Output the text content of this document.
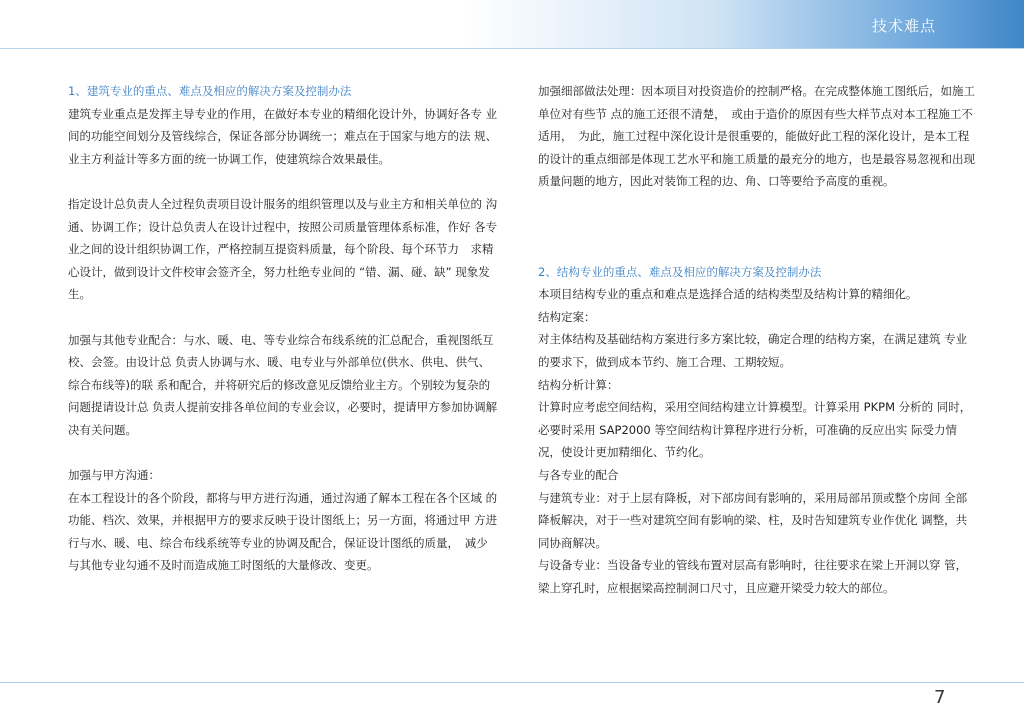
技术难点

1、建筑专业的重点、难点及相应的解决方案及控制办法

建筑专业重点是发挥主导专业的作用，在做好本专业的精细化设计外，协调好各专 业间的功能空间划分及管线综合，保证各部分协调统一；难点在于国家与地方的法 规、业主方利益计等多方面的统一协调工作，使建筑综合效果最佳。

指定设计总负责人全过程负责项目设计服务的组织管理以及与业主方和相关单位的 沟通、协调工作；设计总负责人在设计过程中，按照公司质量管理体系标准，作好 各专业之间的设计组织协调工作，严格控制互提资料质量，每个阶段、每个环节力　求精心设计，做到设计文件校审会签齐全，努力杜绝专业间的 “错、漏、碰、缺” 现象发生。

加强与其他专业配合：与水、暖、电、等专业综合布线系统的汇总配合，重视图纸互校、会签。由设计总 负责人协调与水、暖、电专业与外部单位(供水、供电、供气、综合布线等)的联 系和配合，并将研究后的修改意见反馈给业主方。个别较为复杂的问题提请设计总 负责人提前安排各单位间的专业会议，必要时，提请甲方参加协调解决有关问题。

加强与甲方沟通：

在本工程设计的各个阶段，都将与甲方进行沟通，通过沟通了解本工程在各个区域 的功能、档次、效果，并根据甲方的要求反映于设计图纸上；另一方面，将通过甲 方进行与水、暖、电、综合布线系统等专业的协调及配合，保证设计图纸的质量，　减少与其他专业勾通不及时而造成施工时图纸的大量修改、变更。

加强细部做法处理：因本项目对投资造价的控制严格。在完成整体施工图纸后，如施工单位对有些节 点的施工还很不清楚，　或由于造价的原因有些大样节点对本工程施工不适用，　为此，施工过程中深化设计是很重要的，能做好此工程的深化设计，是本工程的设计的重点细部是体现工艺水平和施工质量的最充分的地方，也是最容易忽视和出现质量问题的地方，因此对装饰工程的边、角、口等要给予高度的重视。

2、结构专业的重点、难点及相应的解决方案及控制办法

本项目结构专业的重点和难点是选择合适的结构类型及结构计算的精细化。

结构定案：

对主体结构及基础结构方案进行多方案比较，确定合理的结构方案，在满足建筑 专业的要求下，做到成本节约、施工合理、工期较短。

结构分析计算：

计算时应考虑空间结构，采用空间结构建立计算模型。计算采用 PKPM 分析的 同时，必要时采用 SAP2000 等空间结构计算程序进行分析，可准确的反应出实 际受力情况，使设计更加精细化、节约化。

与各专业的配合

与建筑专业：对于上层有降板，对下部房间有影响的，采用局部吊顶或整个房间 全部降板解决，对于一些对建筑空间有影响的梁、柱，及时告知建筑专业作优化 调整，共同协商解决。

与设备专业：当设备专业的管线布置对层高有影响时，往往要求在梁上开洞以穿 管，梁上穿孔时，应根据梁高控制洞口尺寸，且应避开梁受力较大的部位。

7
